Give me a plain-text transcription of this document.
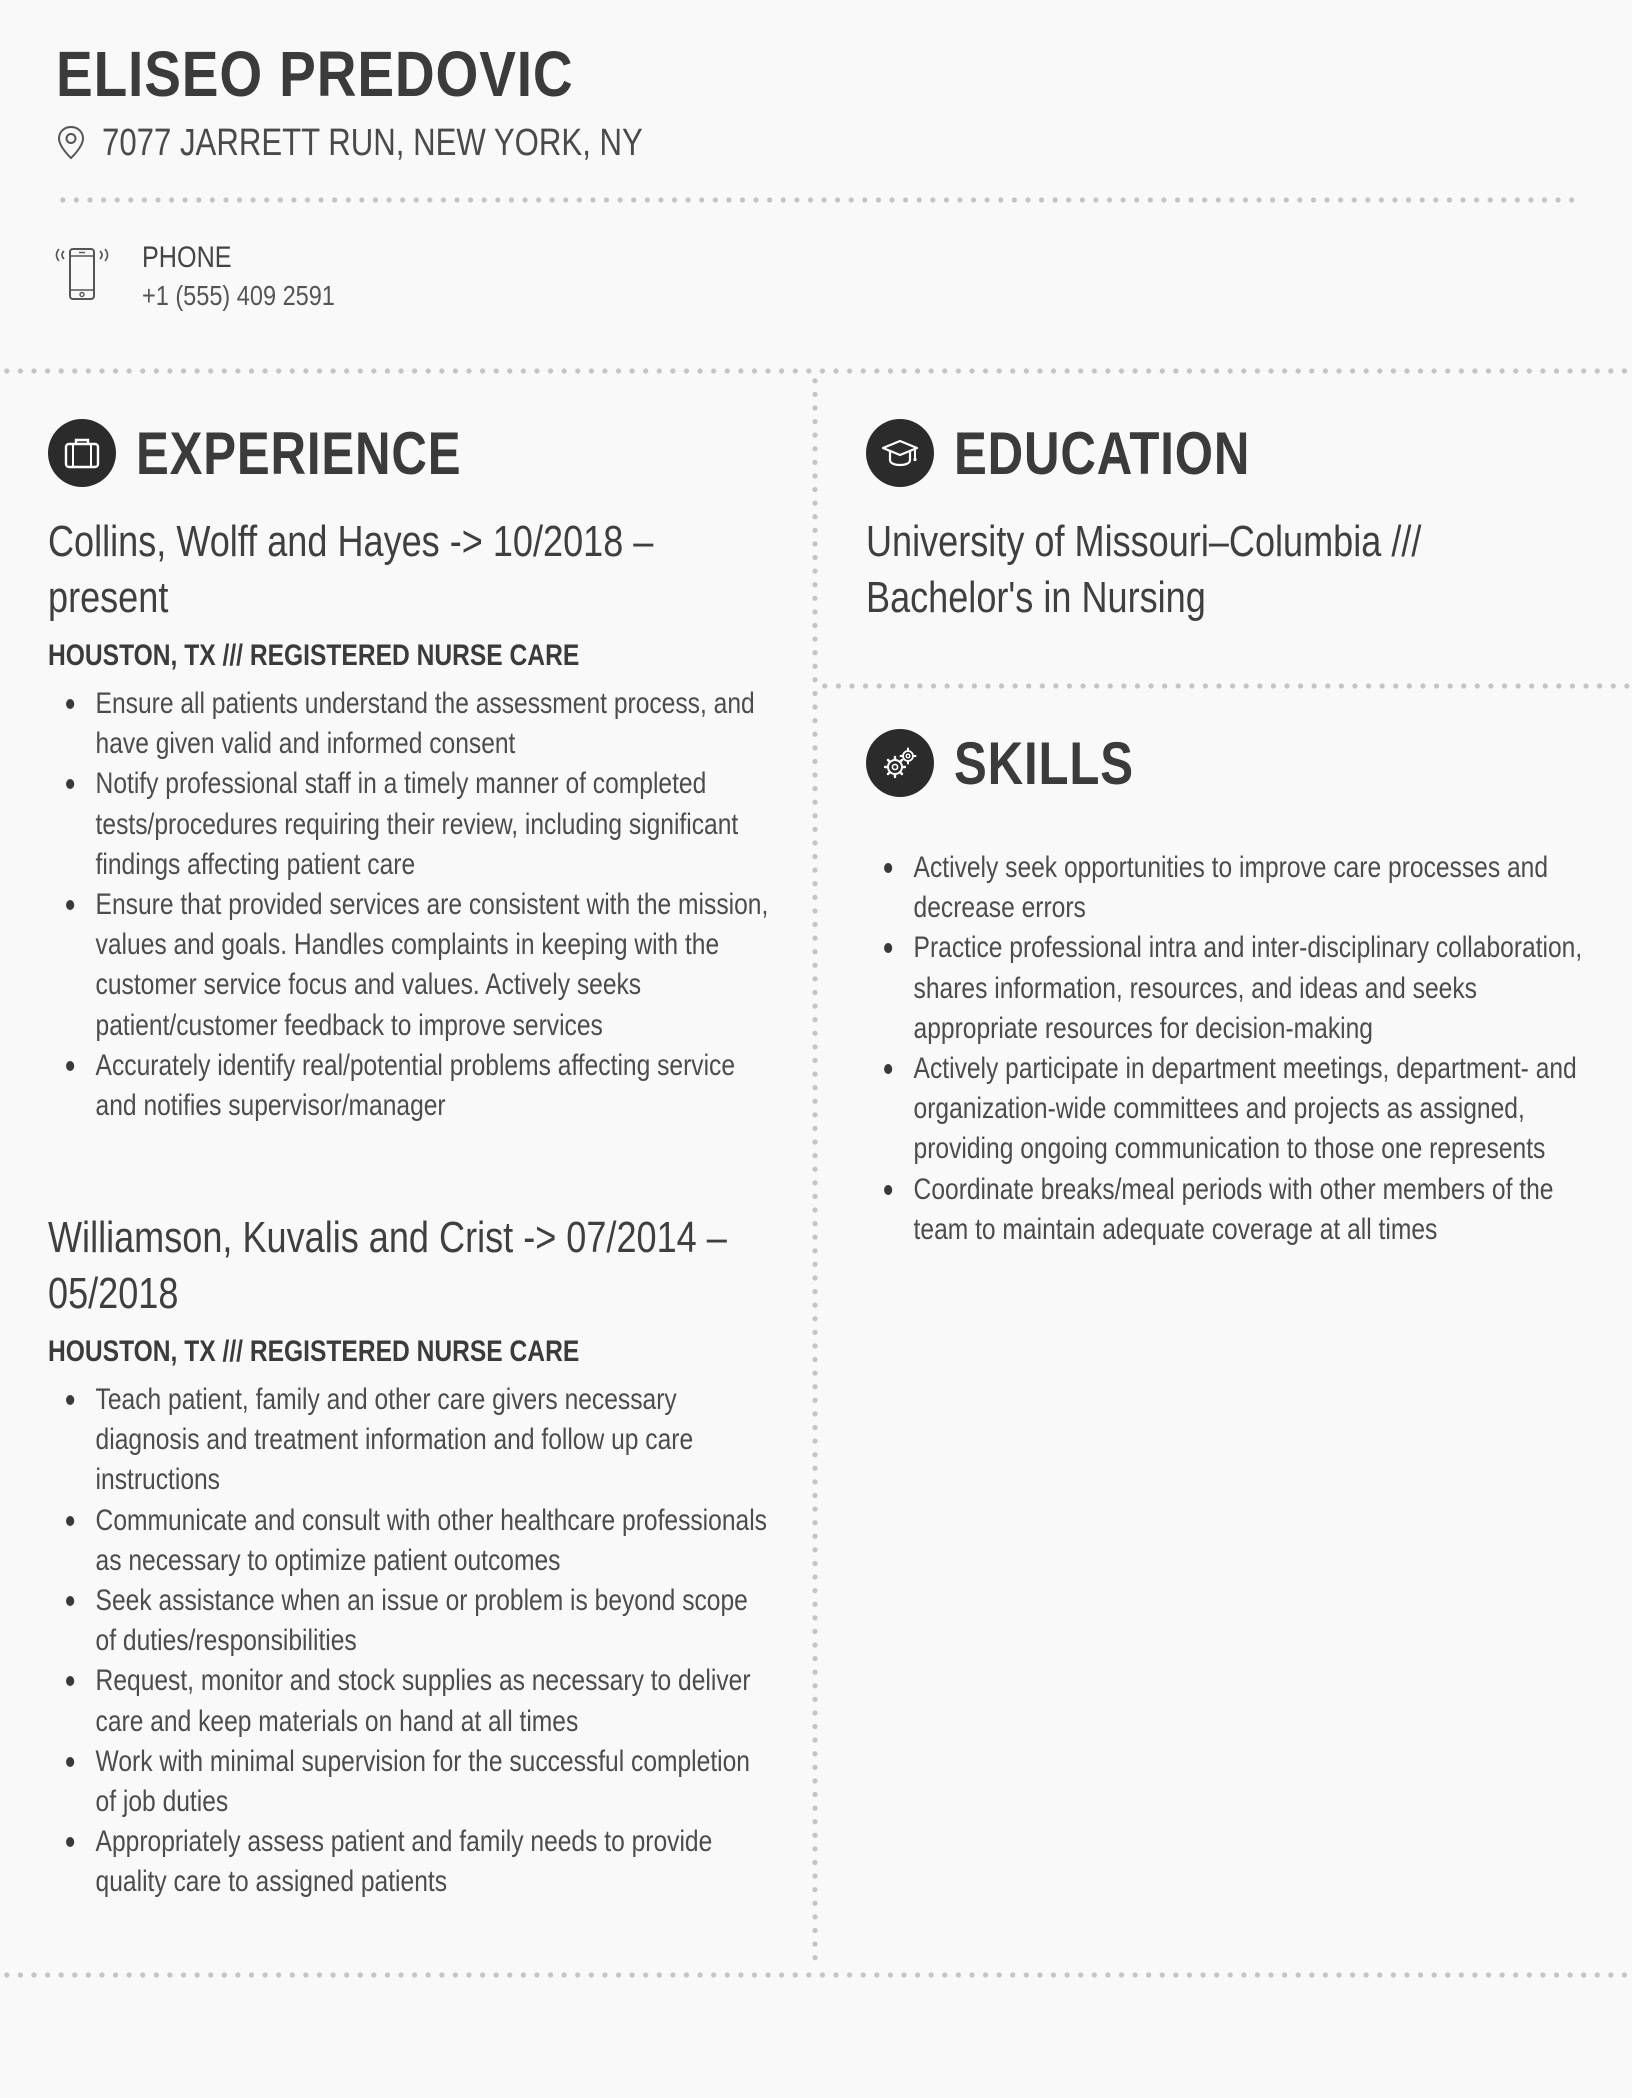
ELISEO PREDOVIC
7077 JARRETT RUN, NEW YORK, NY
PHONE
+1 (555) 409 2591
EXPERIENCE

Collins, Wolff and Hayes -> 10/2018 – present

HOUSTON, TX /// REGISTERED NURSE CARE

Ensure all patients understand the assessment process, and have given valid and informed consent
Notify professional staff in a timely manner of completed tests/procedures requiring their review, including significant findings affecting patient care
Ensure that provided services are consistent with the mission, values and goals. Handles complaints in keeping with the customer service focus and values. Actively seeks patient/customer feedback to improve services
Accurately identify real/potential problems affecting service and notifies supervisor/manager

Williamson, Kuvalis and Crist -> 07/2014 – 05/2018

HOUSTON, TX /// REGISTERED NURSE CARE

Teach patient, family and other care givers necessary diagnosis and treatment information and follow up care instructions
Communicate and consult with other healthcare professionals as necessary to optimize patient outcomes
Seek assistance when an issue or problem is beyond scope of duties/responsibilities
Request, monitor and stock supplies as necessary to deliver care and keep materials on hand at all times
Work with minimal supervision for the successful completion of job duties
Appropriately assess patient and family needs to provide quality care to assigned patients
EDUCATION

University of Missouri–Columbia /// Bachelor's in Nursing

SKILLS
Actively seek opportunities to improve care processes and decrease errors
Practice professional intra and inter-disciplinary collaboration, shares information, resources, and ideas and seeks appropriate resources for decision-making
Actively participate in department meetings, department- and organization-wide committees and projects as assigned, providing ongoing communication to those one represents
Coordinate breaks/meal periods with other members of the team to maintain adequate coverage at all times
